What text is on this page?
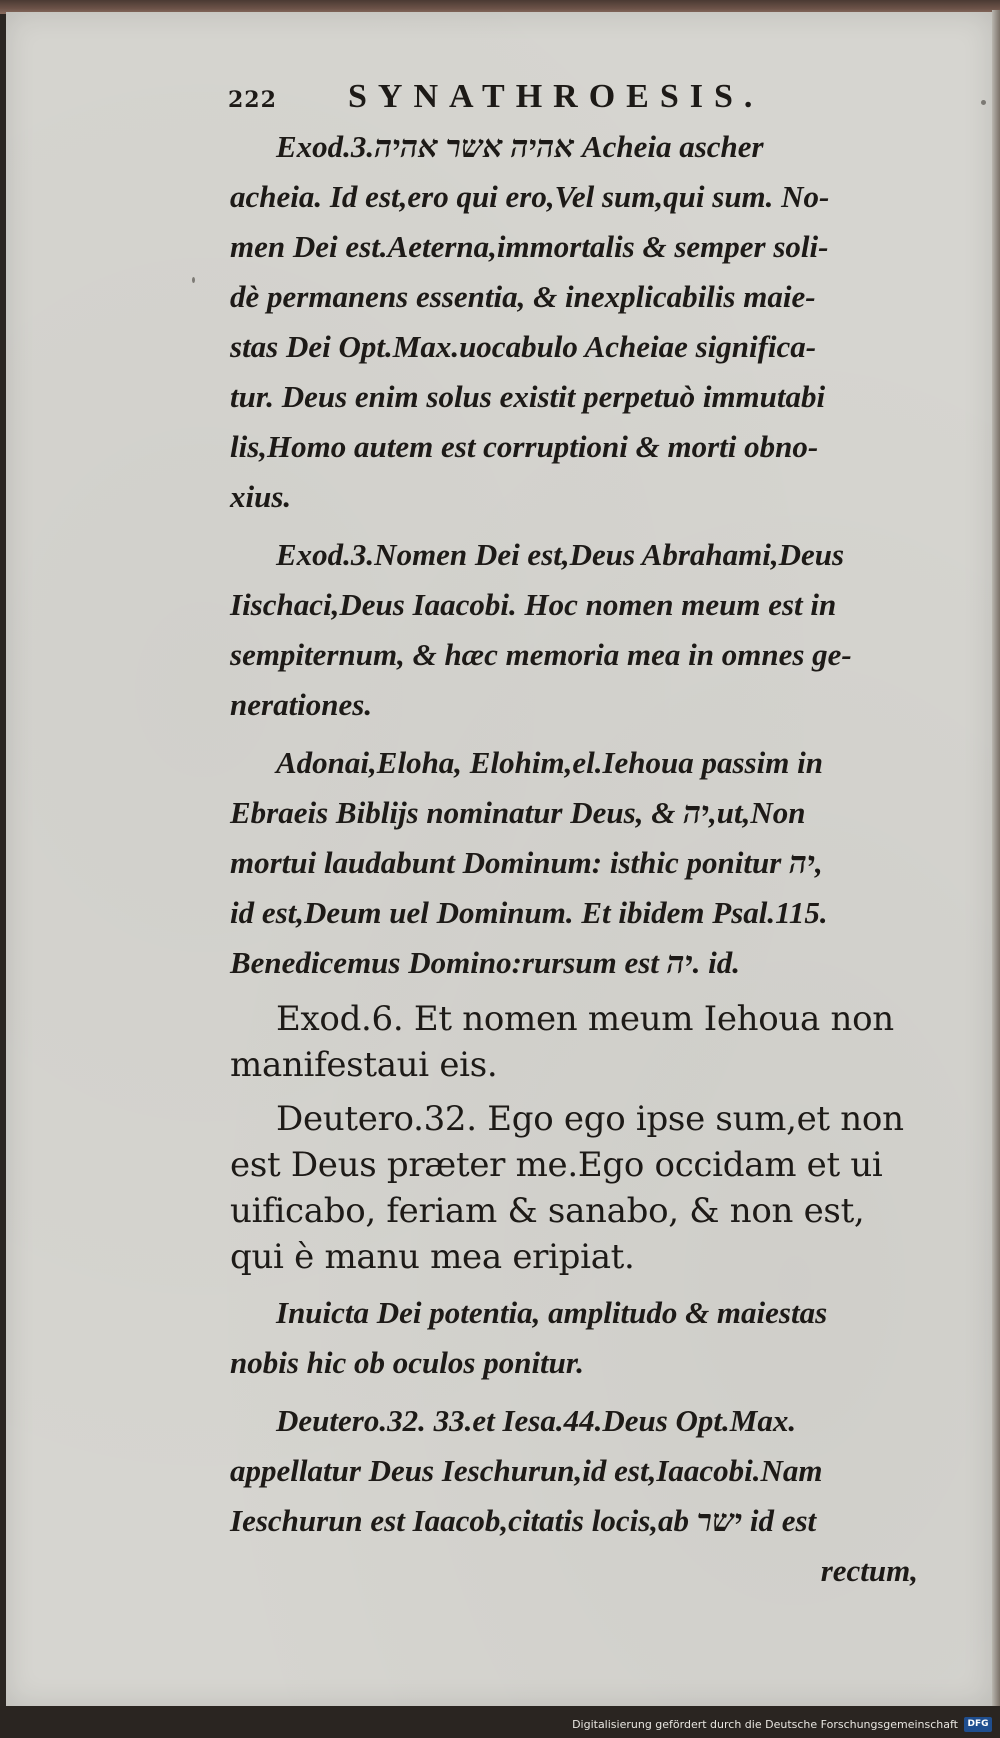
222	SYNATHROESIS.
Exod.3.אהיה אשר אהיה Acheia ascher
acheia. Id est,ero qui ero,Vel sum,qui sum. No-
men Dei est.Aeterna,immortalis & semper soli-
dè permanens essentia, & inexplicabilis maie-
stas Dei Opt.Max.uocabulo Acheiae significa-
tur. Deus enim solus existit perpetuò immutabi
lis,Homo autem est corruptioni & morti obno-
xius.
Exod.3.Nomen Dei est,Deus Abrahami,Deus
Iischaci,Deus Iaacobi. Hoc nomen meum est in
sempiternum, & hæc memoria mea in omnes ge-
nerationes.
Adonai,Eloha, Elohim,el.Iehoua passim in
Ebraeis Biblijs nominatur Deus, & יה,ut,Non
mortui laudabunt Dominum: isthic ponitur יה,
id est,Deum uel Dominum. Et ibidem Psal.115.
Benedicemus Domino:rursum est יה. id.
Exod.6. Et nomen meum Iehoua non
manifestaui eis.
Deutero.32. Ego ego ipse sum,et non
est Deus præter me.Ego occidam et ui
uificabo, feriam & sanabo, & non est,
qui è manu mea eripiat.
Inuicta Dei potentia, amplitudo & maiestas
nobis hic ob oculos ponitur.
Deutero.32. 33.et Iesa.44.Deus Opt.Max.
appellatur Deus Ieschurun,id est,Iaacobi.Nam
Ieschurun est Iaacob,citatis locis,ab ישר id est
rectum,
Digitalisierung gefördert durch die Deutsche Forschungsgemeinschaft	DFG
